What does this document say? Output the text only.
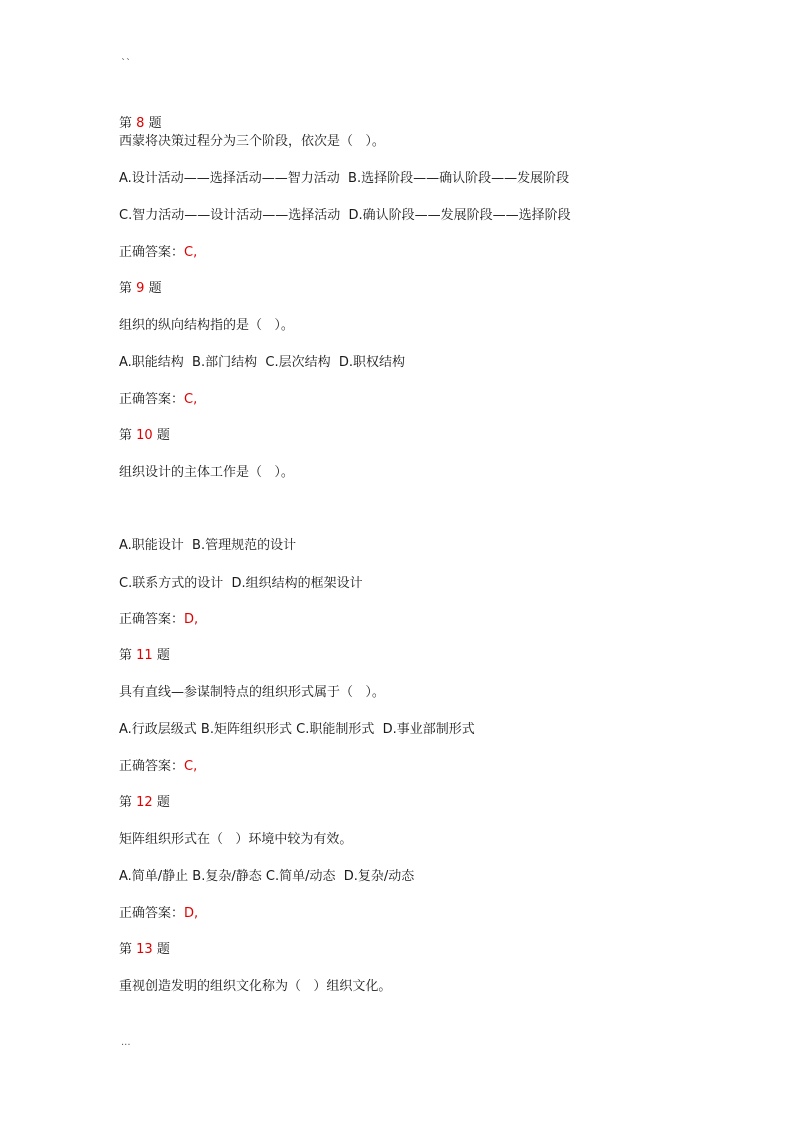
``
第 8 题
西蒙将决策过程分为三个阶段，依次是（   ）。
A.设计活动——选择活动——智力活动  B.选择阶段——确认阶段——发展阶段
C.智力活动——设计活动——选择活动  D.确认阶段——发展阶段——选择阶段
正确答案：C,
第 9 题
组织的纵向结构指的是（   ）。
A.职能结构  B.部门结构  C.层次结构  D.职权结构
正确答案：C,
第 10 题
组织设计的主体工作是（   ）。
A.职能设计  B.管理规范的设计
C.联系方式的设计  D.组织结构的框架设计
正确答案：D,
第 11 题
具有直线—参谋制特点的组织形式属于（   ）。
A.行政层级式 B.矩阵组织形式 C.职能制形式  D.事业部制形式
正确答案：C,
第 12 题
矩阵组织形式在（   ）环境中较为有效。
A.简单/静止 B.复杂/静态 C.简单/动态  D.复杂/动态
正确答案：D,
第 13 题
重视创造发明的组织文化称为（   ）组织文化。
...
